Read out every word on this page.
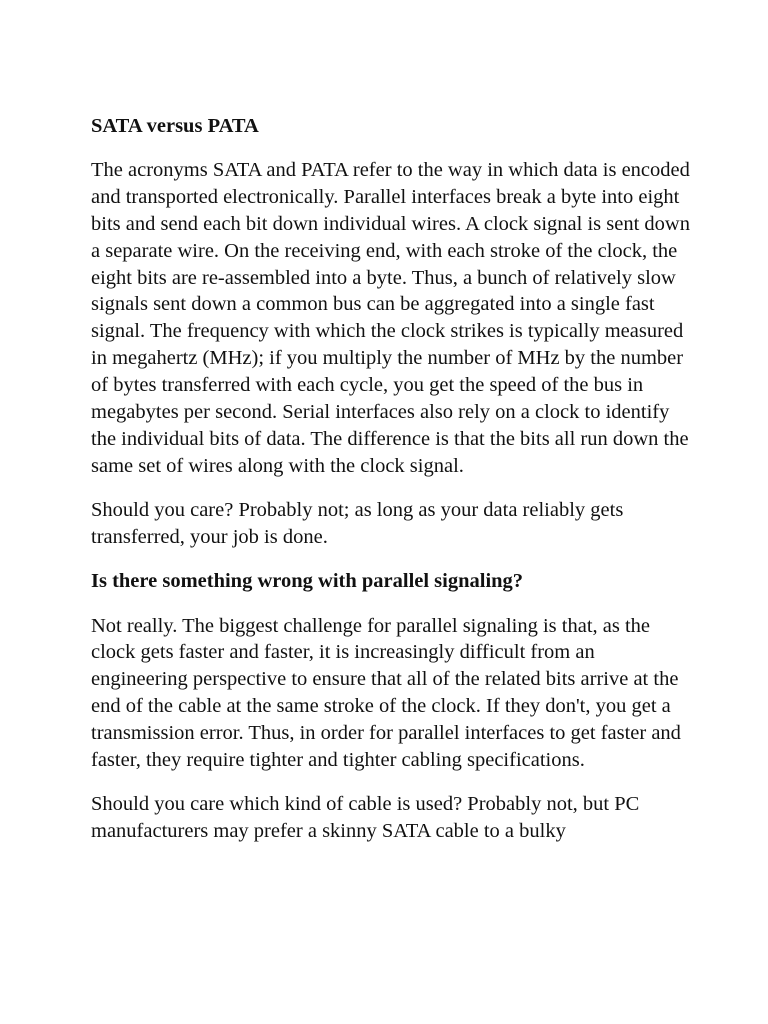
SATA versus PATA
The acronyms SATA and PATA refer to the way in which data is encoded and transported electronically. Parallel interfaces break a byte into eight bits and send each bit down individual wires. A clock signal is sent down a separate wire. On the receiving end, with each stroke of the clock, the eight bits are re-assembled into a byte. Thus, a bunch of relatively slow signals sent down a common bus can be aggregated into a single fast signal. The frequency with which the clock strikes is typically measured in megahertz (MHz); if you multiply the number of MHz by the number of bytes transferred with each cycle, you get the speed of the bus in megabytes per second. Serial interfaces also rely on a clock to identify the individual bits of data. The difference is that the bits all run down the same set of wires along with the clock signal.
Should you care? Probably not; as long as your data reliably gets transferred, your job is done.
Is there something wrong with parallel signaling?
Not really. The biggest challenge for parallel signaling is that, as the clock gets faster and faster, it is increasingly difficult from an engineering perspective to ensure that all of the related bits arrive at the end of the cable at the same stroke of the clock. If they don't, you get a transmission error. Thus, in order for parallel interfaces to get faster and faster, they require tighter and tighter cabling specifications.
Should you care which kind of cable is used? Probably not, but PC manufacturers may prefer a skinny SATA cable to a bulky
